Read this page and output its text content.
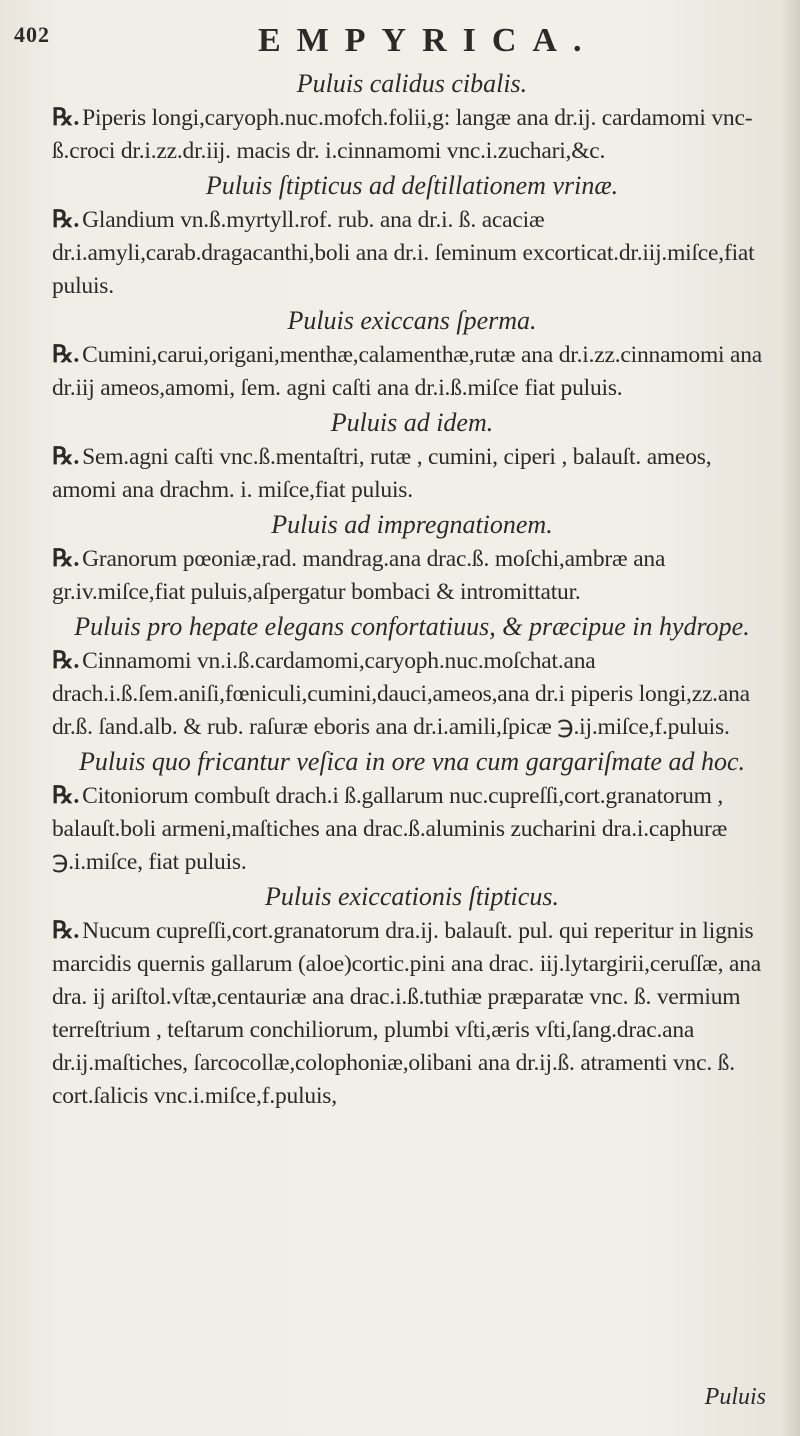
EMPYRICA.
402
Puluis calidus cibalis.

℞. Piperis longi,caryoph.nuc.mofch.folii,g: langæ ana dr.ij. cardamomi vnc-ß.croci dr.i.zz.dr.iij. macis dr. i.cinnamomi vnc.i.zuchari,&c.

Puluis ſtipticus ad deſtillationem vrinæ.

℞. Glandium vn.ß.myrtyll.rof. rub. ana dr.i. ß. acaciæ dr.i.amyli,carab.dragacanthi,boli ana dr.i. ſeminum excorticat.dr.iij.miſce,fiat puluis.

Puluis exiccans ſperma.

℞. Cumini,carui,origani,menthæ,calamenthæ,rutæ ana dr.i.zz.cinnamomi ana dr.iij ameos,amomi, ſem. agni caſti ana dr.i.ß.miſce fiat puluis.

Puluis ad idem.

℞. Sem.agni caſti vnc.ß.mentaſtri, rutæ , cumini, ciperi , balauſt. ameos, amomi ana drachm. i. miſce,fiat puluis.

Puluis ad impregnationem.

℞. Granorum pœoniæ,rad. mandrag.ana drac.ß. moſchi,ambræ ana gr.iv.miſce,fiat puluis,aſpergatur bombaci & intromittatur.

Puluis pro hepate elegans confortatiuus, & præcipue in hydrope.

℞. Cinnamomi vn.i.ß.cardamomi,caryoph.nuc.moſchat.ana drach.i.ß.ſem.aniſi,fœniculi,cumini,dauci,ameos,ana dr.i piperis longi,zz.ana dr.ß. ſand.alb. & rub. raſuræ eboris ana dr.i.amili,ſpicæ ℈.ij.miſce,f.puluis.

Puluis quo fricantur veſica in ore vna cum gargariſmate ad hoc.

℞. Citoniorum combuſt drach.i ß.gallarum nuc.cupreſſi,cort.granatorum , balauſt.boli armeni,maſtiches ana drac.ß.aluminis zucharini dra.i.caphuræ ℈.i.miſce, fiat puluis.

Puluis exiccationis ſtipticus.

℞. Nucum cupreſſi,cort.granatorum dra.ij. balauſt. pul. qui reperitur in lignis marcidis quernis gallarum (aloe)cortic.pini ana drac. iij.lytargirii,ceruſſæ, ana dra. ij ariſtol.vſtæ,centauriæ ana drac.i.ß.tuthiæ præparatæ vnc. ß. vermium terreſtrium , teſtarum conchiliorum, plumbi vſti,æris vſti,ſang.drac.ana dr.ij.maſtiches, ſarcocollæ,colophoniæ,olibani ana dr.ij.ß. atramenti vnc. ß. cort.ſalicis vnc.i.miſce,f.puluis,

Puluis
